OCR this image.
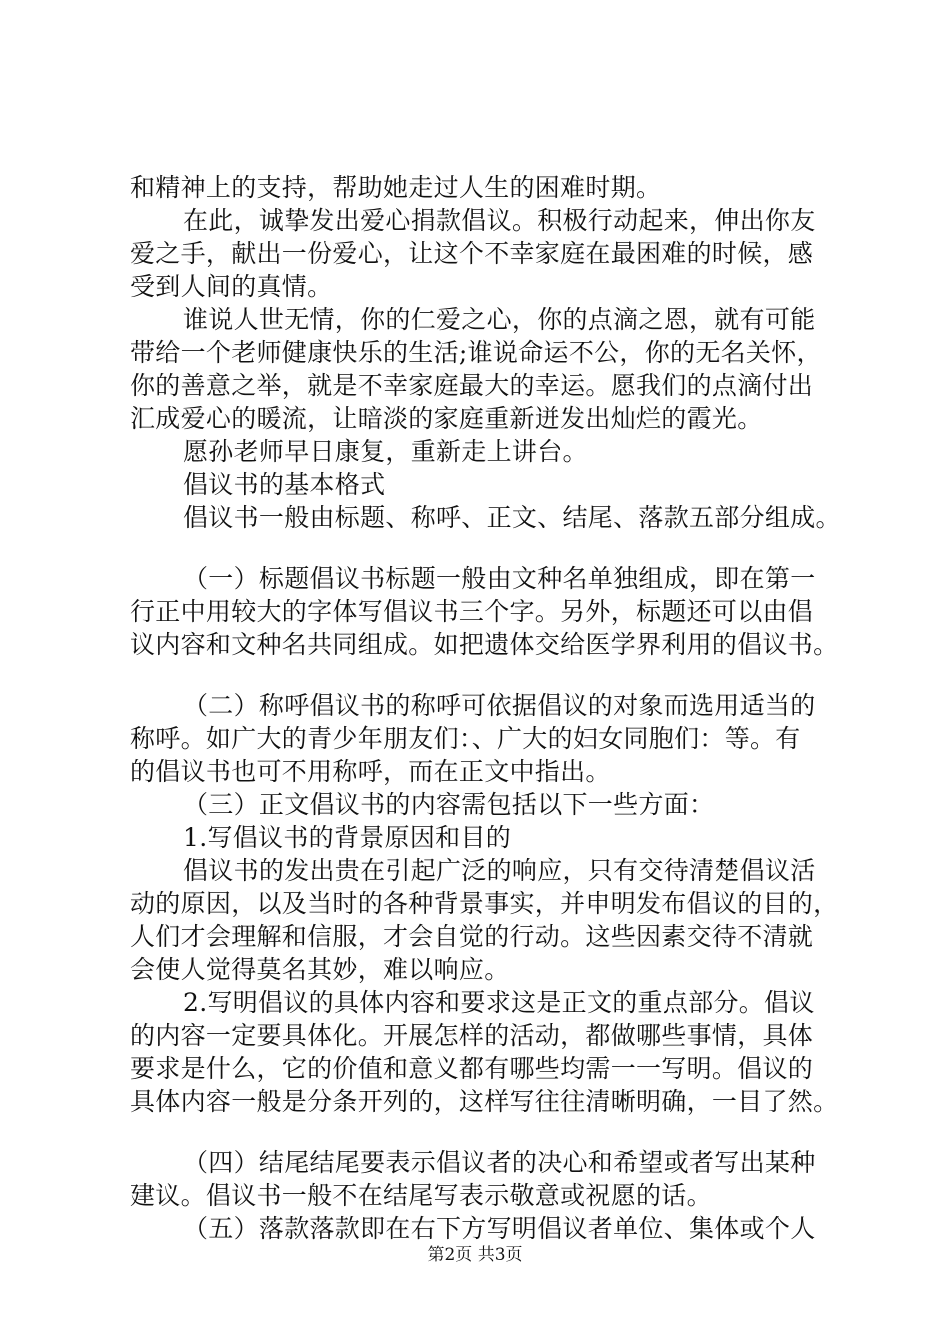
和精神上的支持，帮助她走过人生的困难时期。
在此，诚挚发出爱心捐款倡议。积极行动起来，伸出你友
爱之手，献出一份爱心，让这个不幸家庭在最困难的时候，感
受到人间的真情。
谁说人世无情，你的仁爱之心，你的点滴之恩，就有可能
带给一个老师健康快乐的生活;谁说命运不公，你的无名关怀，
你的善意之举，就是不幸家庭最大的幸运。愿我们的点滴付出
汇成爱心的暖流，让暗淡的家庭重新迸发出灿烂的霞光。
愿孙老师早日康复，重新走上讲台。
倡议书的基本格式
倡议书一般由标题、称呼、正文、结尾、落款五部分组成。
（一）标题倡议书标题一般由文种名单独组成，即在第一
行正中用较大的字体写倡议书三个字。另外，标题还可以由倡
议内容和文种名共同组成。如把遗体交给医学界利用的倡议书。
（二）称呼倡议书的称呼可依据倡议的对象而选用适当的
称呼。如广大的青少年朋友们：、广大的妇女同胞们：等。有
的倡议书也可不用称呼，而在正文中指出。
（三）正文倡议书的内容需包括以下一些方面：
1.写倡议书的背景原因和目的
倡议书的发出贵在引起广泛的响应，只有交待清楚倡议活
动的原因，以及当时的各种背景事实，并申明发布倡议的目的，
人们才会理解和信服，才会自觉的行动。这些因素交待不清就
会使人觉得莫名其妙，难以响应。
2.写明倡议的具体内容和要求这是正文的重点部分。倡议
的内容一定要具体化。开展怎样的活动，都做哪些事情，具体
要求是什么，它的价值和意义都有哪些均需一一写明。倡议的
具体内容一般是分条开列的，这样写往往清晰明确，一目了然。
（四）结尾结尾要表示倡议者的决心和希望或者写出某种
建议。倡议书一般不在结尾写表示敬意或祝愿的话。
（五）落款落款即在右下方写明倡议者单位、集体或个人
第2页 共3页
